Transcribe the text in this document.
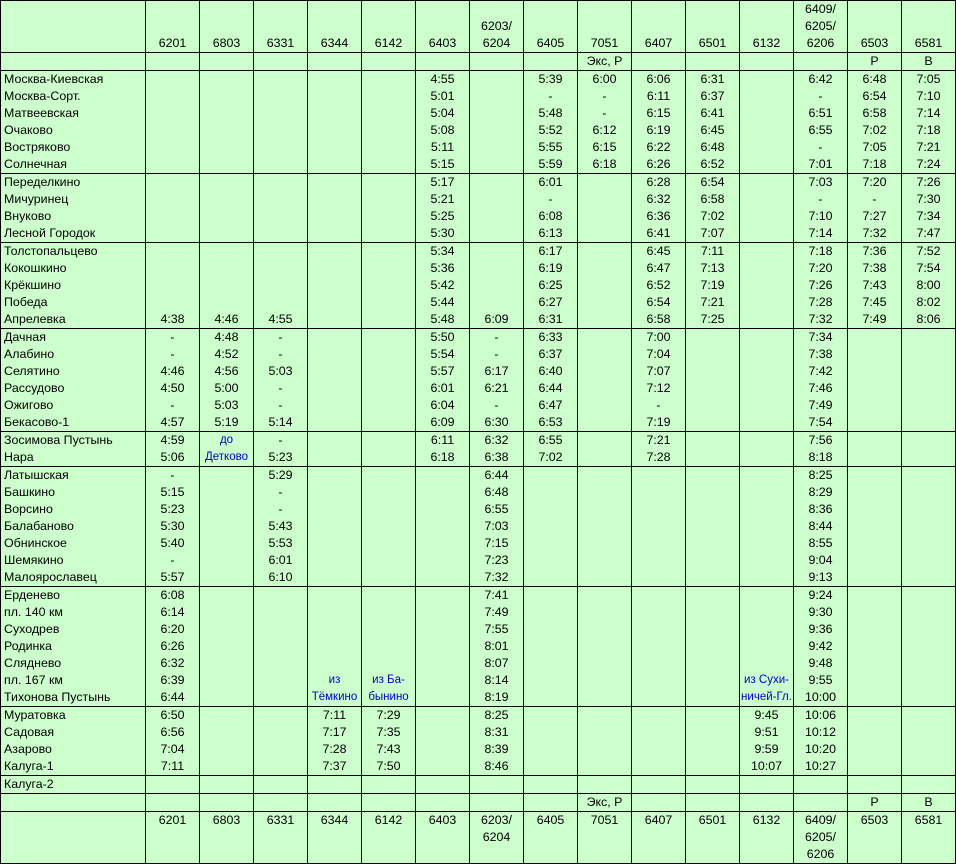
	6201	6803	6331	6344	6142	6403	6203/
6204	6405	7051	6407	6501	6132	6409/
6205/
6206	6503	6581
									Экс, Р					Р	В
Москва-Киевская						4:55		5:39	6:00	6:06	6:31		6:42	6:48	7:05
Москва-Сорт.						5:01		-	-	6:11	6:37		-	6:54	7:10
Матвеевская						5:04		5:48	-	6:15	6:41		6:51	6:58	7:14
Очаково						5:08		5:52	6:12	6:19	6:45		6:55	7:02	7:18
Востряково						5:11		5:55	6:15	6:22	6:48		-	7:05	7:21
Солнечная						5:15		5:59	6:18	6:26	6:52		7:01	7:18	7:24
Переделкино						5:17		6:01		6:28	6:54		7:03	7:20	7:26
Мичуринец						5:21		-		6:32	6:58		-	-	7:30
Внуково						5:25		6:08		6:36	7:02		7:10	7:27	7:34
Лесной Городок						5:30		6:13		6:41	7:07		7:14	7:32	7:47
Толстопальцево						5:34		6:17		6:45	7:11		7:18	7:36	7:52
Кокошкино						5:36		6:19		6:47	7:13		7:20	7:38	7:54
Крёкшино						5:42		6:25		6:52	7:19		7:26	7:43	8:00
Победа						5:44		6:27		6:54	7:21		7:28	7:45	8:02
Апрелевка	4:38	4:46	4:55			5:48	6:09	6:31		6:58	7:25		7:32	7:49	8:06
Дачная	-	4:48	-			5:50	-	6:33		7:00			7:34		
Алабино	-	4:52	-			5:54	-	6:37		7:04			7:38		
Селятино	4:46	4:56	5:03			5:57	6:17	6:40		7:07			7:42		
Рассудово	4:50	5:00	-			6:01	6:21	6:44		7:12			7:46		
Ожигово	-	5:03	-			6:04	-	6:47		-			7:49		
Бекасово-1	4:57	5:19	5:14			6:09	6:30	6:53		7:19			7:54		
Зосимова Пустынь	4:59	до	-			6:11	6:32	6:55		7:21			7:56		
Нара	5:06	Детково	5:23			6:18	6:38	7:02		7:28			8:18		
Латышская	-		5:29				6:44						8:25		
Башкино	5:15		-				6:48						8:29		
Ворсино	5:23		-				6:55						8:36		
Балабаново	5:30		5:43				7:03						8:44		
Обнинское	5:40		5:53				7:15						8:55		
Шемякино	-		6:01				7:23						9:04		
Малоярославец	5:57		6:10				7:32						9:13		
Ерденево	6:08						7:41						9:24		
пл. 140 км	6:14						7:49						9:30		
Суходрев	6:20						7:55						9:36		
Родинка	6:26						8:01						9:42		
Сляднево	6:32						8:07						9:48		
пл. 167 км	6:39			из	из Ба-		8:14					из Сухи-	9:55		
Тихонова Пустынь	6:44			Тёмкино	бынино		8:19					ничей-Гл.	10:00		
Муратовка	6:50			7:11	7:29		8:25					9:45	10:06		
Садовая	6:56			7:17	7:35		8:31					9:51	10:12		
Азарово	7:04			7:28	7:43		8:39					9:59	10:20		
Калуга-1	7:11			7:37	7:50		8:46					10:07	10:27		
Калуга-2															
									Экс, Р					Р	В
	6201	6803	6331	6344	6142	6403	6203/
6204	6405	7051	6407	6501	6132	6409/
6205/
6206	6503	6581
